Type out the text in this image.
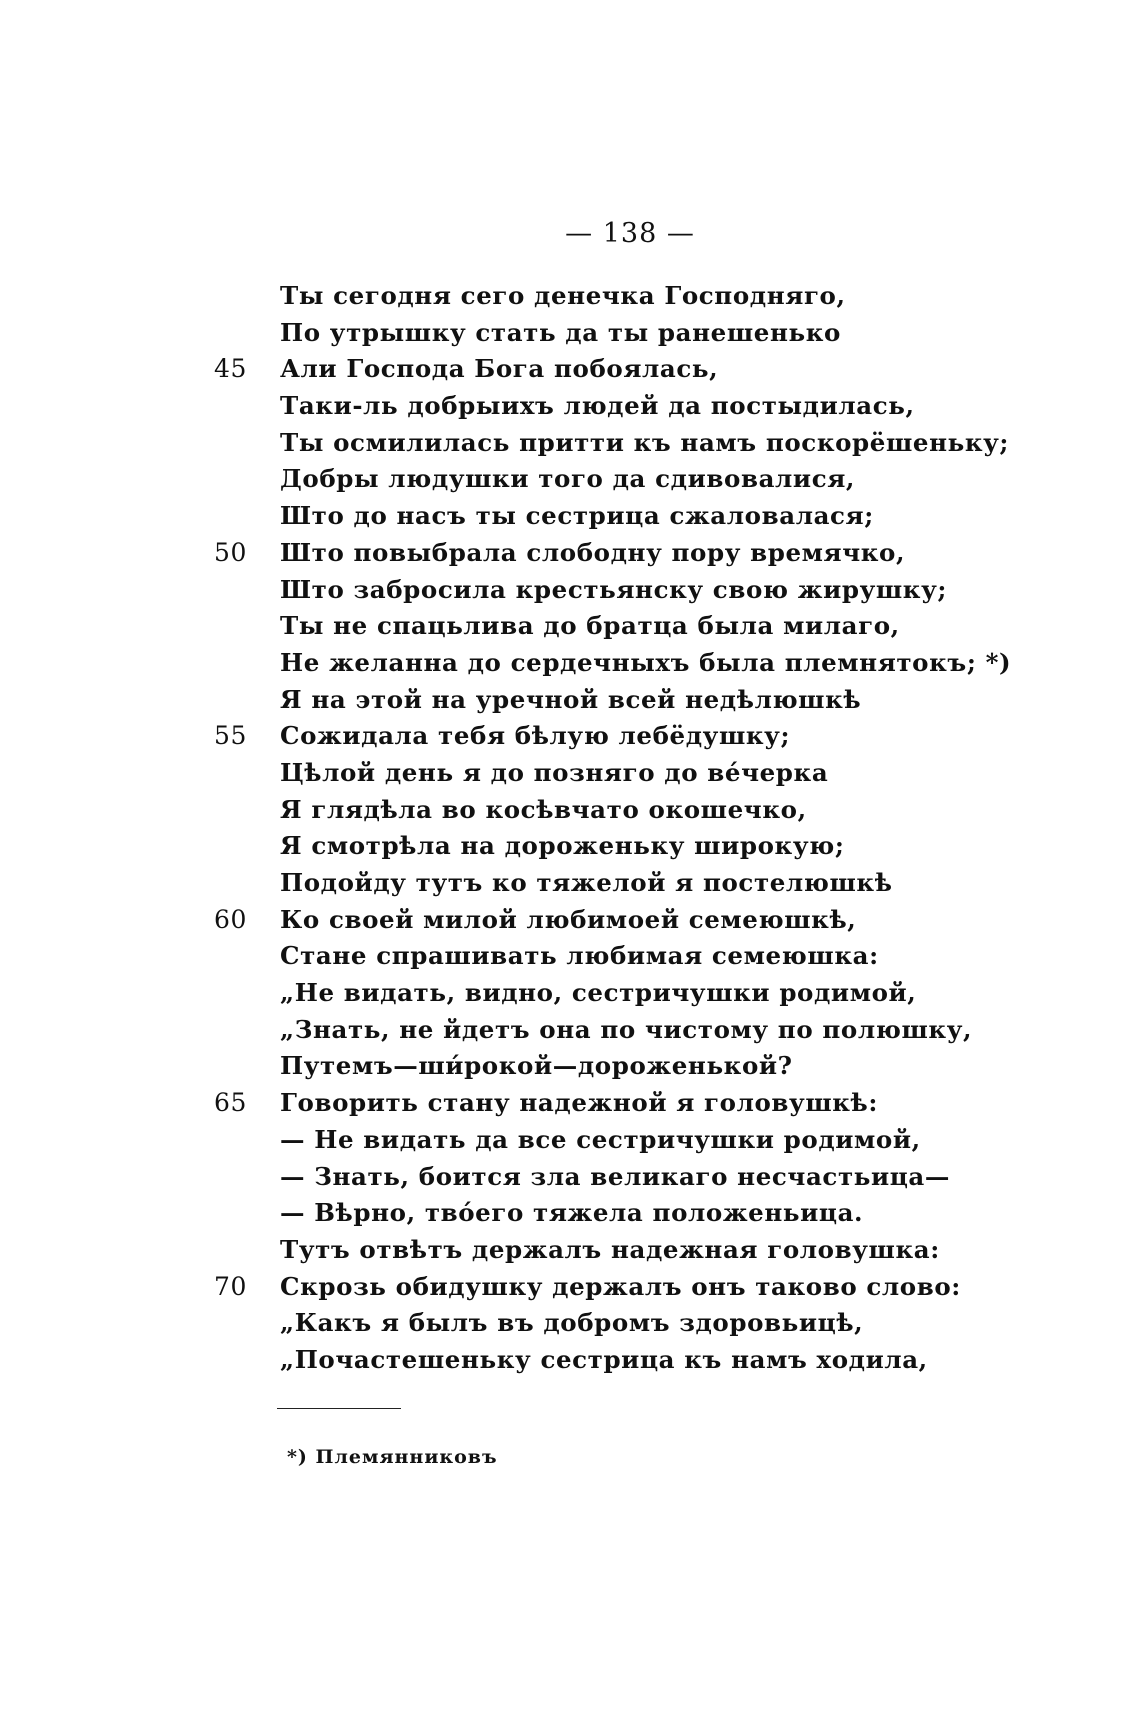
— 138 —
Ты сегодня сего денечка Господняго,
По утрышку стать да ты ранешенько
45	Али Господа Бога побоялась,
Таки-ль добрыихъ людей да постыдилась,
Ты осмилилась притти къ намъ поскорёшеньку;
Добры людушки того да сдивовалися,
Што до насъ ты сестрица сжаловалася;
50	Што повыбрала слободну пору времячко,
Што забросила крестьянску свою жирушку;
Ты не спацьлива до братца была милаго,
Не желанна до сердечныхъ была племнятокъ; *)
Я на этой на уречной всей недѣлюшкѣ
55	Сожидала тебя бѣлую лебёдушку;
Цѣлой день я до позняго до вéчерка
Я глядѣла во косѣвчато окошечко,
Я смотрѣла на дороженьку широкую;
Подойду тутъ ко тяжелой я постелюшкѣ
60	Ко своей милой любимоей семеюшкѣ,
Стане спрашивать любимая семеюшка:
„Не видать, видно, сестричушки родимой,
„Знать, не йдетъ она по чистому по полюшку,
Путемъ—ши́рокой—дороженькой?
65	Говорить стану надежной я головушкѣ:
— Не видать да все сестричушки родимой,
— Знать, боится зла великаго несчастьица—
— Вѣрно, твóего тяжела положеньица.
Тутъ отвѣтъ держалъ надежная головушка:
70	Скрозь обидушку держалъ онъ таково слово:
„Какъ я былъ въ добромъ здоровьицѣ,
„Почастешеньку сестрица къ намъ ходила,
*) Племянниковъ
